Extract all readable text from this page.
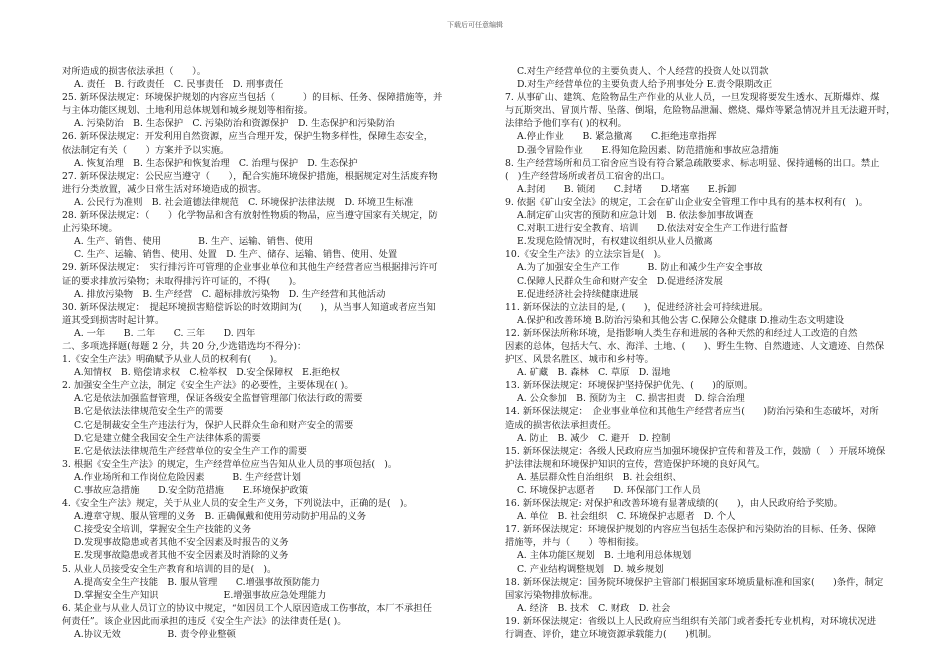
下载后可任意编辑
对所造成的损害依法承担（　　）。
A. 责任　B. 行政责任　C. 民事责任　D. 刑事责任
25. 新环保法规定：环境保护规划的内容应当包括（　　　）的目标、任务、保障措施等，并
与主体功能区规划、土地利用总体规划和城乡规划等相衔接。
A. 污染防治　B. 生态保护　C. 污染防治和资源保护　D. 生态保护和污染防治
26. 新环保法规定：开发利用自然资源，应当合理开发，保护生物多样性，保障生态安全，
依法制定有关（　　）方案并予以实施。
A. 恢复治理　B. 生态保护和恢复治理　C. 治理与保护　D. 生态保护
27. 新环保法规定：公民应当遵守（　　），配合实施环境保护措施，根据规定对生活废弃物
进行分类放置，减少日常生活对环境造成的损害。
A. 公民行为准则　B. 社会道德法律规范　C. 环境保护法律法规　D. 环境卫生标准
28. 新环保法规定：（　　）化学物品和含有放射性物质的物品，应当遵守国家有关规定，防
止污染环境。
A. 生产、销售、使用　　　　B. 生产、运输、销售、使用
C. 生产、运输、销售、使用、处置　D. 生产、储存、运输、销售、使用、处置
29. 新环保法规定：　实行排污许可管理的企业事业单位和其他生产经营者应当根据排污许可
证的要求排放污染物；未取得排污许可证的，不得(　　)。
A. 排放污染物　B. 生产经营　C. 超标排放污染物　D. 生产经营和其他活动
30. 新环保法规定：　提起环境损害赔偿诉讼的时效期间为(　　)，从当事人知道或者应当知
道其受到损害时起计算。
A. 一年　　B. 二年　　C. 三年　　D. 四年
二、多项选择题(每题 2 分，共 20 分,少选错选均不得分)：
1.《安全生产法》明确赋予从业人员的权利有(　　)。
A.知情权　B. 赔偿请求权　C.检举权　D.安全保障权　E.拒绝权
2. 加强安全生产立法，制定《安全生产法》的必要性，主要体现在( )。
A.它是依法加强监督管理，保证各级安全监督管理部门依法行政的需要
B.它是依法法律规范安全生产的需要
C.它是制裁安全生产违法行为，保护人民群众生命和财产安全的需要
D.它是建立健全我国安全生产法律体系的需要
E.它是依法法律规范生产经营单位的安全生产工作的需要
3. 根据《安全生产法》的规定，生产经营单位应当告知从业人员的事项包括(　)。
A.作业场所和工作岗位危险因素　　　B. 生产经营计划
C.事故应急措施　　D.安全防范措施　　E.环境保护政策
4.《安全生产法》规定，关于从业人员的安全生产义务，下列说法中，正确的是(　)。
A.遵章守规、服从管理的义务　B. 正确佩戴和使用劳动防护用品的义务
C.接受安全培训，掌握安全生产技能的义务
D.发现事故隐患或者其他不安全因素及时报告的义务
E.发现事故隐患或者其他不安全因素及时消除的义务
5. 从业人员接受安全生产教育和培训的目的是(　)。
A.提高安全生产技能　B. 服从管理　　C.增强事故预防能力
D.掌握安全生产知识　　　　　　　E.增强事故应急处理能力
6. 某企业与从业人员订立的协议中规定，“如因员工个人原因造成工伤事故，本厂不承担任
何责任”。该企业因此而承担的违反《安全生产法》的法律责任是( )。
A.协议无效　　　　　B. 责令停业整顿
C.对生产经营单位的主要负责人、个人经营的投资人处以罚款
D.对生产经营单位的主要负责人给予刑事处分 E.责令限期改正
7. 从事矿山、建筑、危险物品生产作业的从业人员，一旦发现将要发生透水、瓦斯爆炸、煤
与瓦斯突出、冒顶片帮、坠落、倒塌，危险物品泄漏、燃烧、爆炸等紧急情况并且无法避开时，
法律给予他们享有( )的权利。
A.停止作业　　B. 紧急撤离　　C.拒绝违章指挥
D.强令冒险作业　　E.得知危险因素、防范措施和事故应急措施
8. 生产经营场所和员工宿舍应当设有符合紧急疏散要求、标志明显、保持通畅的出口。禁止
(　)生产经营场所或者员工宿舍的出口。
A.封闭　　B. 锁闭　　C.封堵　　D.堵塞　　E.拆卸
9. 依据《矿山安全法》的规定，工会在矿山企业安全管理工作中具有的基本权利有(　)。
A.制定矿山灾害的预防和应急计划　B. 依法参加事故调查
C.对职工进行安全教育、培训　　D.依法对安全生产工作进行监督
E.发现危险情况时，有权建议组织从业人员撤离
10.《安全生产法》的立法宗旨是(　)。
A.为了加强安全生产工作　　　B. 防止和减少生产安全事故
C.保障人民群众生命和财产安全　D.促进经济发展
E.促进经济社会持续健康进展
11. 新环保法的立法目的是, (　　)，促进经济社会可持续进展。
A.保护和改善环境 B.防治污染和其他公害 C.保障公众健康 D.推动生态文明建设
12. 新环保法所称环境，是指影响人类生存和进展的各种天然的和经过人工改造的自然
因素的总体，包括大气、水、海洋、土地、(　　)、野生生物、自然遗迹、人文遗迹、自然保
护区、风景名胜区、城市和乡村等。
A. 矿藏　B. 森林　C. 草原　D. 湿地
13. 新环保法规定：环境保护坚持保护优先、(　　)的原则。
A. 公众参加　B. 预防为主　C. 损害担责　D. 综合治理
14. 新环保法规定：　企业事业单位和其他生产经营者应当(　　)防治污染和生态破坏，对所
造成的损害依法承担责任。
A. 防止　B. 减少　C. 避开　D. 控制
15. 新环保法规定：各级人民政府应当加强环境保护宣传和普及工作，鼓励（　）开展环境保
护法律法规和环境保护知识的宣传，营造保护环境的良好风气。
A. 基层群众性自治组织　B. 社会组织、
C. 环境保护志愿者　　D. 环保部门工作人员
16. 新环保法规定: 对保护和改善环境有显著成绩的(　　)，由人民政府给予奖励。
A. 单位　B. 社会组织　C. 环境保护志愿者　D. 个人
17. 新环保法规定：环境保护规划的内容应当包括生态保护和污染防治的目标、任务、保障
措施等，并与（　　）等相衔接。
A. 主体功能区规划　B. 土地利用总体规划
C. 产业结构调整规划　D. 城乡规划
18. 新环保法规定：国务院环境保护主管部门根据国家环境质量标准和国家(　　)条件，制定
国家污染物排放标准。
A. 经济　B. 技术　C. 财政　D. 社会
19. 新环保法规定：省级以上人民政府应当组织有关部门或者委托专业机构，对环境状况进
行调查、评价，建立环境资源承载能力(　　)机制。
